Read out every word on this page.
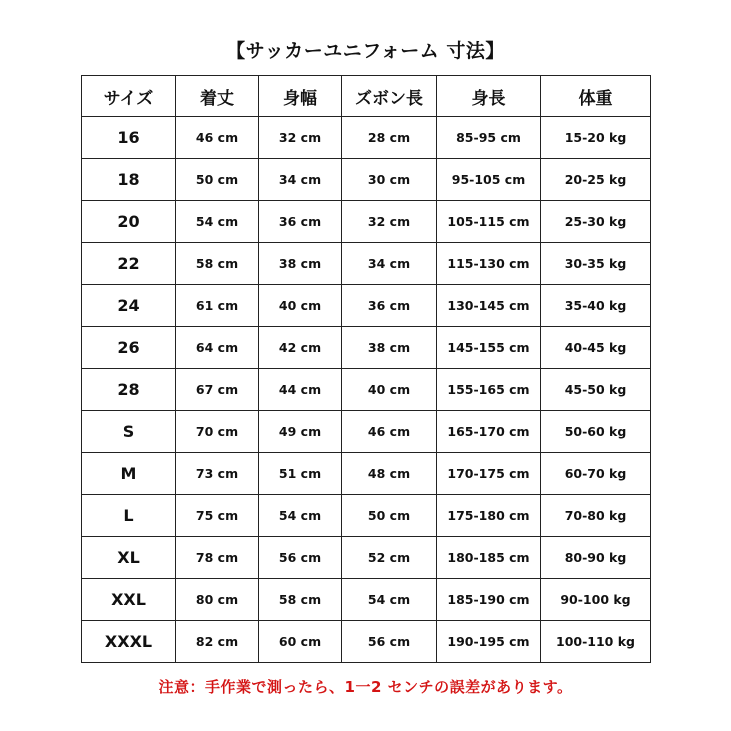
【サッカーユニフォーム 寸法】
サイズ	着丈	身幅	ズボン長	身長	体重
16	46 cm	32 cm	28 cm	85-95 cm	15-20 kg
18	50 cm	34 cm	30 cm	95-105 cm	20-25 kg
20	54 cm	36 cm	32 cm	105-115 cm	25-30 kg
22	58 cm	38 cm	34 cm	115-130 cm	30-35 kg
24	61 cm	40 cm	36 cm	130-145 cm	35-40 kg
26	64 cm	42 cm	38 cm	145-155 cm	40-45 kg
28	67 cm	44 cm	40 cm	155-165 cm	45-50 kg
S	70 cm	49 cm	46 cm	165-170 cm	50-60 kg
M	73 cm	51 cm	48 cm	170-175 cm	60-70 kg
L	75 cm	54 cm	50 cm	175-180 cm	70-80 kg
XL	78 cm	56 cm	52 cm	180-185 cm	80-90 kg
XXL	80 cm	58 cm	54 cm	185-190 cm	90-100 kg
XXXL	82 cm	60 cm	56 cm	190-195 cm	100-110 kg
注意：手作業で測ったら、1一2 センチの誤差があります。
